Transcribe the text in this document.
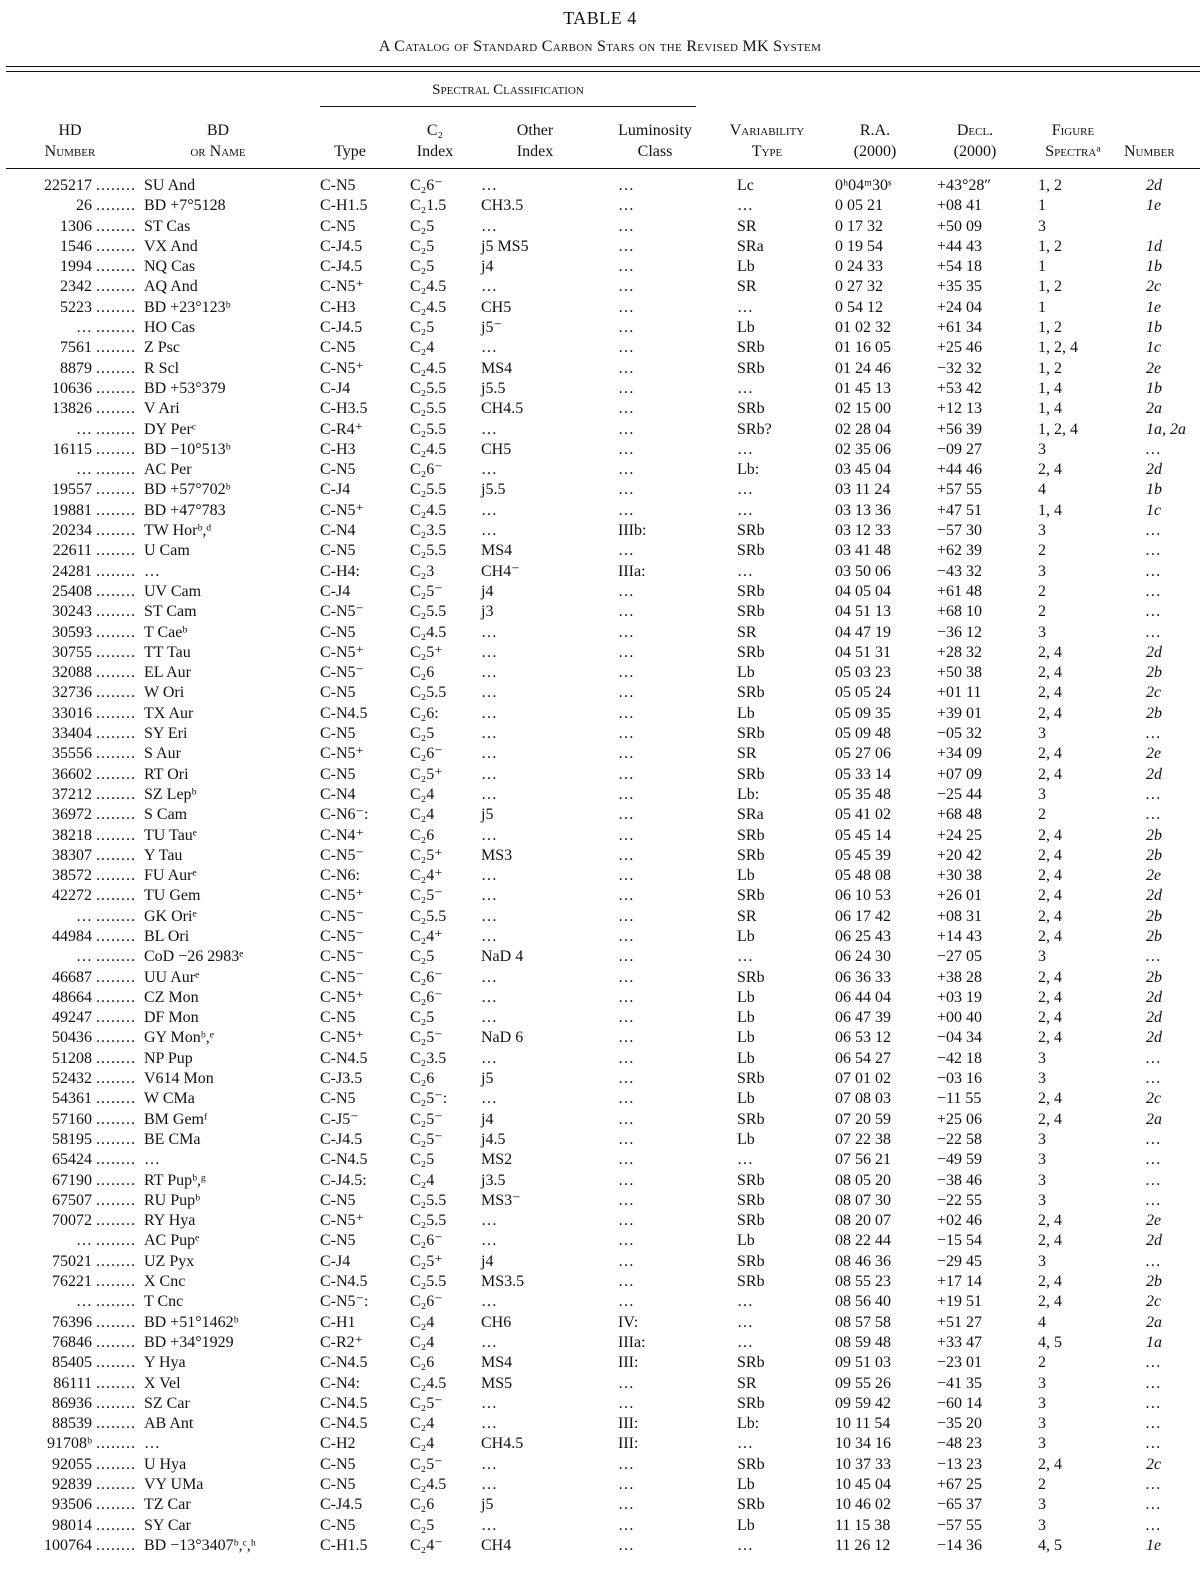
TABLE 4
A Catalog of Standard Carbon Stars on the Revised MK System
Spectral Classification
HD
Number
BD
or Name
	Type
C₂
Index
Other
Index
Luminosity
Class
Variability
Type
R.A.
(2000)
Decl.
(2000)
Figure
Spectraᵃ
	Number
225217 ........ SU And	C-N5	C₂6⁻ …	…	Lc	0ʰ04ᵐ30ˢ	+43°28″	1, 2	2d
26 ........ BD +7°5128	C-H1.5	C₂1.5 CH3.5	…	…	0 05 21	+08 41	1	1e
1306 ........ ST Cas	C-N5	C₂5	…	…	SR	0 17 32	+50 09	3
1546 ........ VX And	C-J4.5	C₂5	j5 MS5	…	SRa	0 19 54	+44 43	1, 2	1d
1994 ........ NQ Cas	C-J4.5	C₂5	j4	…	Lb	0 24 33	+54 18	1	1b
2342 ........ AQ And	C-N5⁺	C₂4.5 …	…	SR	0 27 32	+35 35	1, 2	2c
5223 ........ BD +23°123ᵇ	C-H3	C₂4.5 CH5	…	…	0 54 12	+24 04	1	1e
… ........ HO Cas	C-J4.5	C₂5	j5⁻	…	Lb	01 02 32	+61 34	1, 2	1b
7561 ........ Z Psc	C-N5	C₂4	…	…	SRb	01 16 05	+25 46	1, 2, 4	1c
8879 ........ R Scl	C-N5⁺	C₂4.5 MS4	…	SRb	01 24 46	−32 32	1, 2	2e
10636 ........ BD +53°379	C-J4	C₂5.5 j5.5	…	…	01 45 13	+53 42	1, 4	1b
13826 ........ V Ari	C-H3.5	C₂5.5 CH4.5	…	SRb	02 15 00	+12 13	1, 4	2a
… ........ DY Perᶜ	C-R4⁺	C₂5.5 …	…	SRb?	02 28 04	+56 39	1, 2, 4	1a, 2a
16115 ........ BD −10°513ᵇ	C-H3	C₂4.5 CH5	…	…	02 35 06	−09 27	3	…
… ........ AC Per	C-N5	C₂6⁻ …	…	Lb:	03 45 04	+44 46	2, 4	2d
19557 ........ BD +57°702ᵇ	C-J4	C₂5.5 j5.5	…	…	03 11 24	+57 55	4	1b
19881 ........ BD +47°783	C-N5⁺	C₂4.5 …	…	…	03 13 36	+47 51	1, 4	1c
20234 ........ TW Horᵇ,ᵈ	C-N4	C₂3.5 …	IIIb:	SRb	03 12 33	−57 30	3	…
22611 ........ U Cam	C-N5	C₂5.5 MS4	…	SRb	03 41 48	+62 39	2	…
24281 ........ …	C-H4:	C₂3	CH4⁻	IIIa:	…	03 50 06	−43 32	3	…
25408 ........ UV Cam	C-J4	C₂5⁻ j4	…	SRb	04 05 04	+61 48	2	…
30243 ........ ST Cam	C-N5⁻	C₂5.5 j3	…	SRb	04 51 13	+68 10	2	…
30593 ........ T Caeᵇ	C-N5	C₂4.5 …	…	SR	04 47 19	−36 12	3	…
30755 ........ TT Tau	C-N5⁺	C₂5⁺ …	…	SRb	04 51 31	+28 32	2, 4	2d
32088 ........ EL Aur	C-N5⁻	C₂6	…	…	Lb	05 03 23	+50 38	2, 4	2b
32736 ........ W Ori	C-N5	C₂5.5 …	…	SRb	05 05 24	+01 11	2, 4	2c
33016 ........ TX Aur	C-N4.5	C₂6:	…	…	Lb	05 09 35	+39 01	2, 4	2b
33404 ........ SY Eri	C-N5	C₂5	…	…	SRb	05 09 48	−05 32	3	…
35556 ........ S Aur	C-N5⁺	C₂6⁻ …	…	SR	05 27 06	+34 09	2, 4	2e
36602 ........ RT Ori	C-N5	C₂5⁺ …	…	SRb	05 33 14	+07 09	2, 4	2d
37212 ........ SZ Lepᵇ	C-N4	C₂4	…	…	Lb:	05 35 48	−25 44	3	…
36972 ........ S Cam	C-N6⁻:	C₂4	j5	…	SRa	05 41 02	+68 48	2	…
38218 ........ TU Tauᵉ	C-N4⁺	C₂6	…	…	SRb	05 45 14	+24 25	2, 4	2b
38307 ........ Y Tau	C-N5⁻	C₂5⁺ MS3	…	SRb	05 45 39	+20 42	2, 4	2b
38572 ........ FU Aurᵉ	C-N6:	C₂4⁺ …	…	Lb	05 48 08	+30 38	2, 4	2e
42272 ........ TU Gem	C-N5⁺	C₂5⁻ …	…	SRb	06 10 53	+26 01	2, 4	2d
… ........ GK Oriᵉ	C-N5⁻	C₂5.5 …	…	SR	06 17 42	+08 31	2, 4	2b
44984 ........ BL Ori	C-N5⁻	C₂4⁺ …	…	Lb	06 25 43	+14 43	2, 4	2b
… ........ CoD −26 2983ᵉ	C-N5⁻	C₂5	NaD 4	…	…	06 24 30	−27 05	3	…
46687 ........ UU Aurᵉ	C-N5⁻	C₂6⁻ …	…	SRb	06 36 33	+38 28	2, 4	2b
48664 ........ CZ Mon	C-N5⁺	C₂6⁻ …	…	Lb	06 44 04	+03 19	2, 4	2d
49247 ........ DF Mon	C-N5	C₂5	…	…	Lb	06 47 39	+00 40	2, 4	2d
50436 ........ GY Monᵇ,ᵉ	C-N5⁺	C₂5⁻ NaD 6	…	Lb	06 53 12	−04 34	2, 4	2d
51208 ........ NP Pup	C-N4.5	C₂3.5 …	…	Lb	06 54 27	−42 18	3	…
52432 ........ V614 Mon	C-J3.5	C₂6	j5	…	SRb	07 01 02	−03 16	3	…
54361 ........ W CMa	C-N5	C₂5⁻: …	…	Lb	07 08 03	−11 55	2, 4	2c
57160 ........ BM Gemᶠ	C-J5⁻	C₂5⁻ j4	…	SRb	07 20 59	+25 06	2, 4	2a
58195 ........ BE CMa	C-J4.5	C₂5⁻ j4.5	…	Lb	07 22 38	−22 58	3	…
65424 ........ …	C-N4.5	C₂5	MS2	…	…	07 56 21	−49 59	3	…
67190 ........ RT Pupᵇ,ᵍ	C-J4.5:	C₂4	j3.5	…	SRb	08 05 20	−38 46	3	…
67507 ........ RU Pupᵇ	C-N5	C₂5.5 MS3⁻	…	SRb	08 07 30	−22 55	3	…
70072 ........ RY Hya	C-N5⁺	C₂5.5 …	…	SRb	08 20 07	+02 46	2, 4	2e
… ........ AC Pupᵉ	C-N5	C₂6⁻ …	…	Lb	08 22 44	−15 54	2, 4	2d
75021 ........ UZ Pyx	C-J4	C₂5⁺ j4	…	SRb	08 46 36	−29 45	3	…
76221 ........ X Cnc	C-N4.5	C₂5.5 MS3.5	…	SRb	08 55 23	+17 14	2, 4	2b
… ........ T Cnc	C-N5⁻:	C₂6⁻ …	…	…	08 56 40	+19 51	2, 4	2c
76396 ........ BD +51°1462ᵇ	C-H1	C₂4	CH6	IV:	…	08 57 58	+51 27	4	2a
76846 ........ BD +34°1929	C-R2⁺	C₂4	…	IIIa:	…	08 59 48	+33 47	4, 5	1a
85405 ........ Y Hya	C-N4.5	C₂6	MS4	III:	SRb	09 51 03	−23 01	2	…
86111 ........ X Vel	C-N4:	C₂4.5 MS5	…	SR	09 55 26	−41 35	3	…
86936 ........ SZ Car	C-N4.5	C₂5⁻ …	…	SRb	09 59 42	−60 14	3	…
88539 ........ AB Ant	C-N4.5	C₂4	…	III:	Lb:	10 11 54	−35 20	3	…
91708ᵇ ........ …	C-H2	C₂4	CH4.5	III:	…	10 34 16	−48 23	3	…
92055 ........ U Hya	C-N5	C₂5⁻ …	…	SRb	10 37 33	−13 23	2, 4	2c
92839 ........ VY UMa	C-N5	C₂4.5 …	…	Lb	10 45 04	+67 25	2	…
93506 ........ TZ Car	C-J4.5	C₂6	j5	…	SRb	10 46 02	−65 37	3	…
98014 ........ SY Car	C-N5	C₂5	…	…	Lb	11 15 38	−57 55	3	…
100764 ........ BD −13°3407ᵇ,ᶜ,ʰ	C-H1.5	C₂4⁻ CH4	…	…	11 26 12	−14 36	4, 5	1e
